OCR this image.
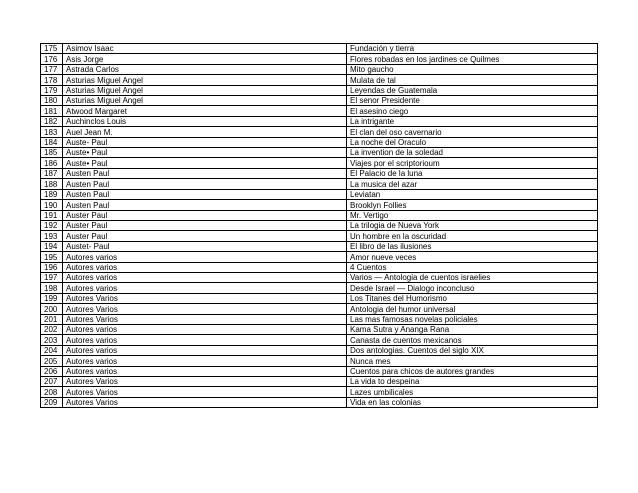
175	Asimov Isaac	Fundación y tierra
176	Asis Jorge	Flores robadas en los jardines ce Quilmes
177	Astrada Carlos	Mito gaucho
178	Asturias Miguel Angel	Mulata de tal
179	Asturias Miguel Angel	Leyendas de Guatemala
180	Asturias Miguel Angel	El senor Presidente
181	Atwood Margaret	El asesino ciego
182	Auchinclos Louis	La intrigante
183	Auel Jean M.	El clan del oso cavernario
184	Auste- Paul	La noche del Oraculo
185	Auste• Paul	La invention de la soledad
186	Auste• Paul	Viajes por el scriptorioum
187	Austen Paul	El Palacio de la luna
188	Austen Paul	La musica del azar
189	Austen Paul	Leviatan
190	Austen Paul	Brooklyn Follies
191	Auster Paul	Mr. Vertigo
192	Auster Paul	La trilogia de Nueva York
193	Auster Paul	Un hombre en la oscuridad
194	Austet- Paul	El libro de las ilusiones
195	Autores varios	Amor nueve veces
196	Autores varios	4 Cuentos
197	Autores varios	Varios — Antologia de cuentos israelies
198	Autores varios	Desde Israel — Dialogo inconcluso
199	Autores Varios	Los Titanes del Humorismo
200	Autores Varios	Antologia del humor universal
201	Autores Varios	Las mas famosas novelas policiales
202	Autores varios	Kama Sutra y Ananga Rana
203	Autores varios	Canasta de cuentos mexicanos
204	Autores varios	Dos antologias. Cuentos del siglo XIX
205	Autores varios	Nunca mes
206	Autores varios	Cuentos para chicos de autores grandes
207	Autores Varios	La vida to despeina
208	Autores Varios	Lazes umbilicales
209	Autores Varios	Vida en las colonias
